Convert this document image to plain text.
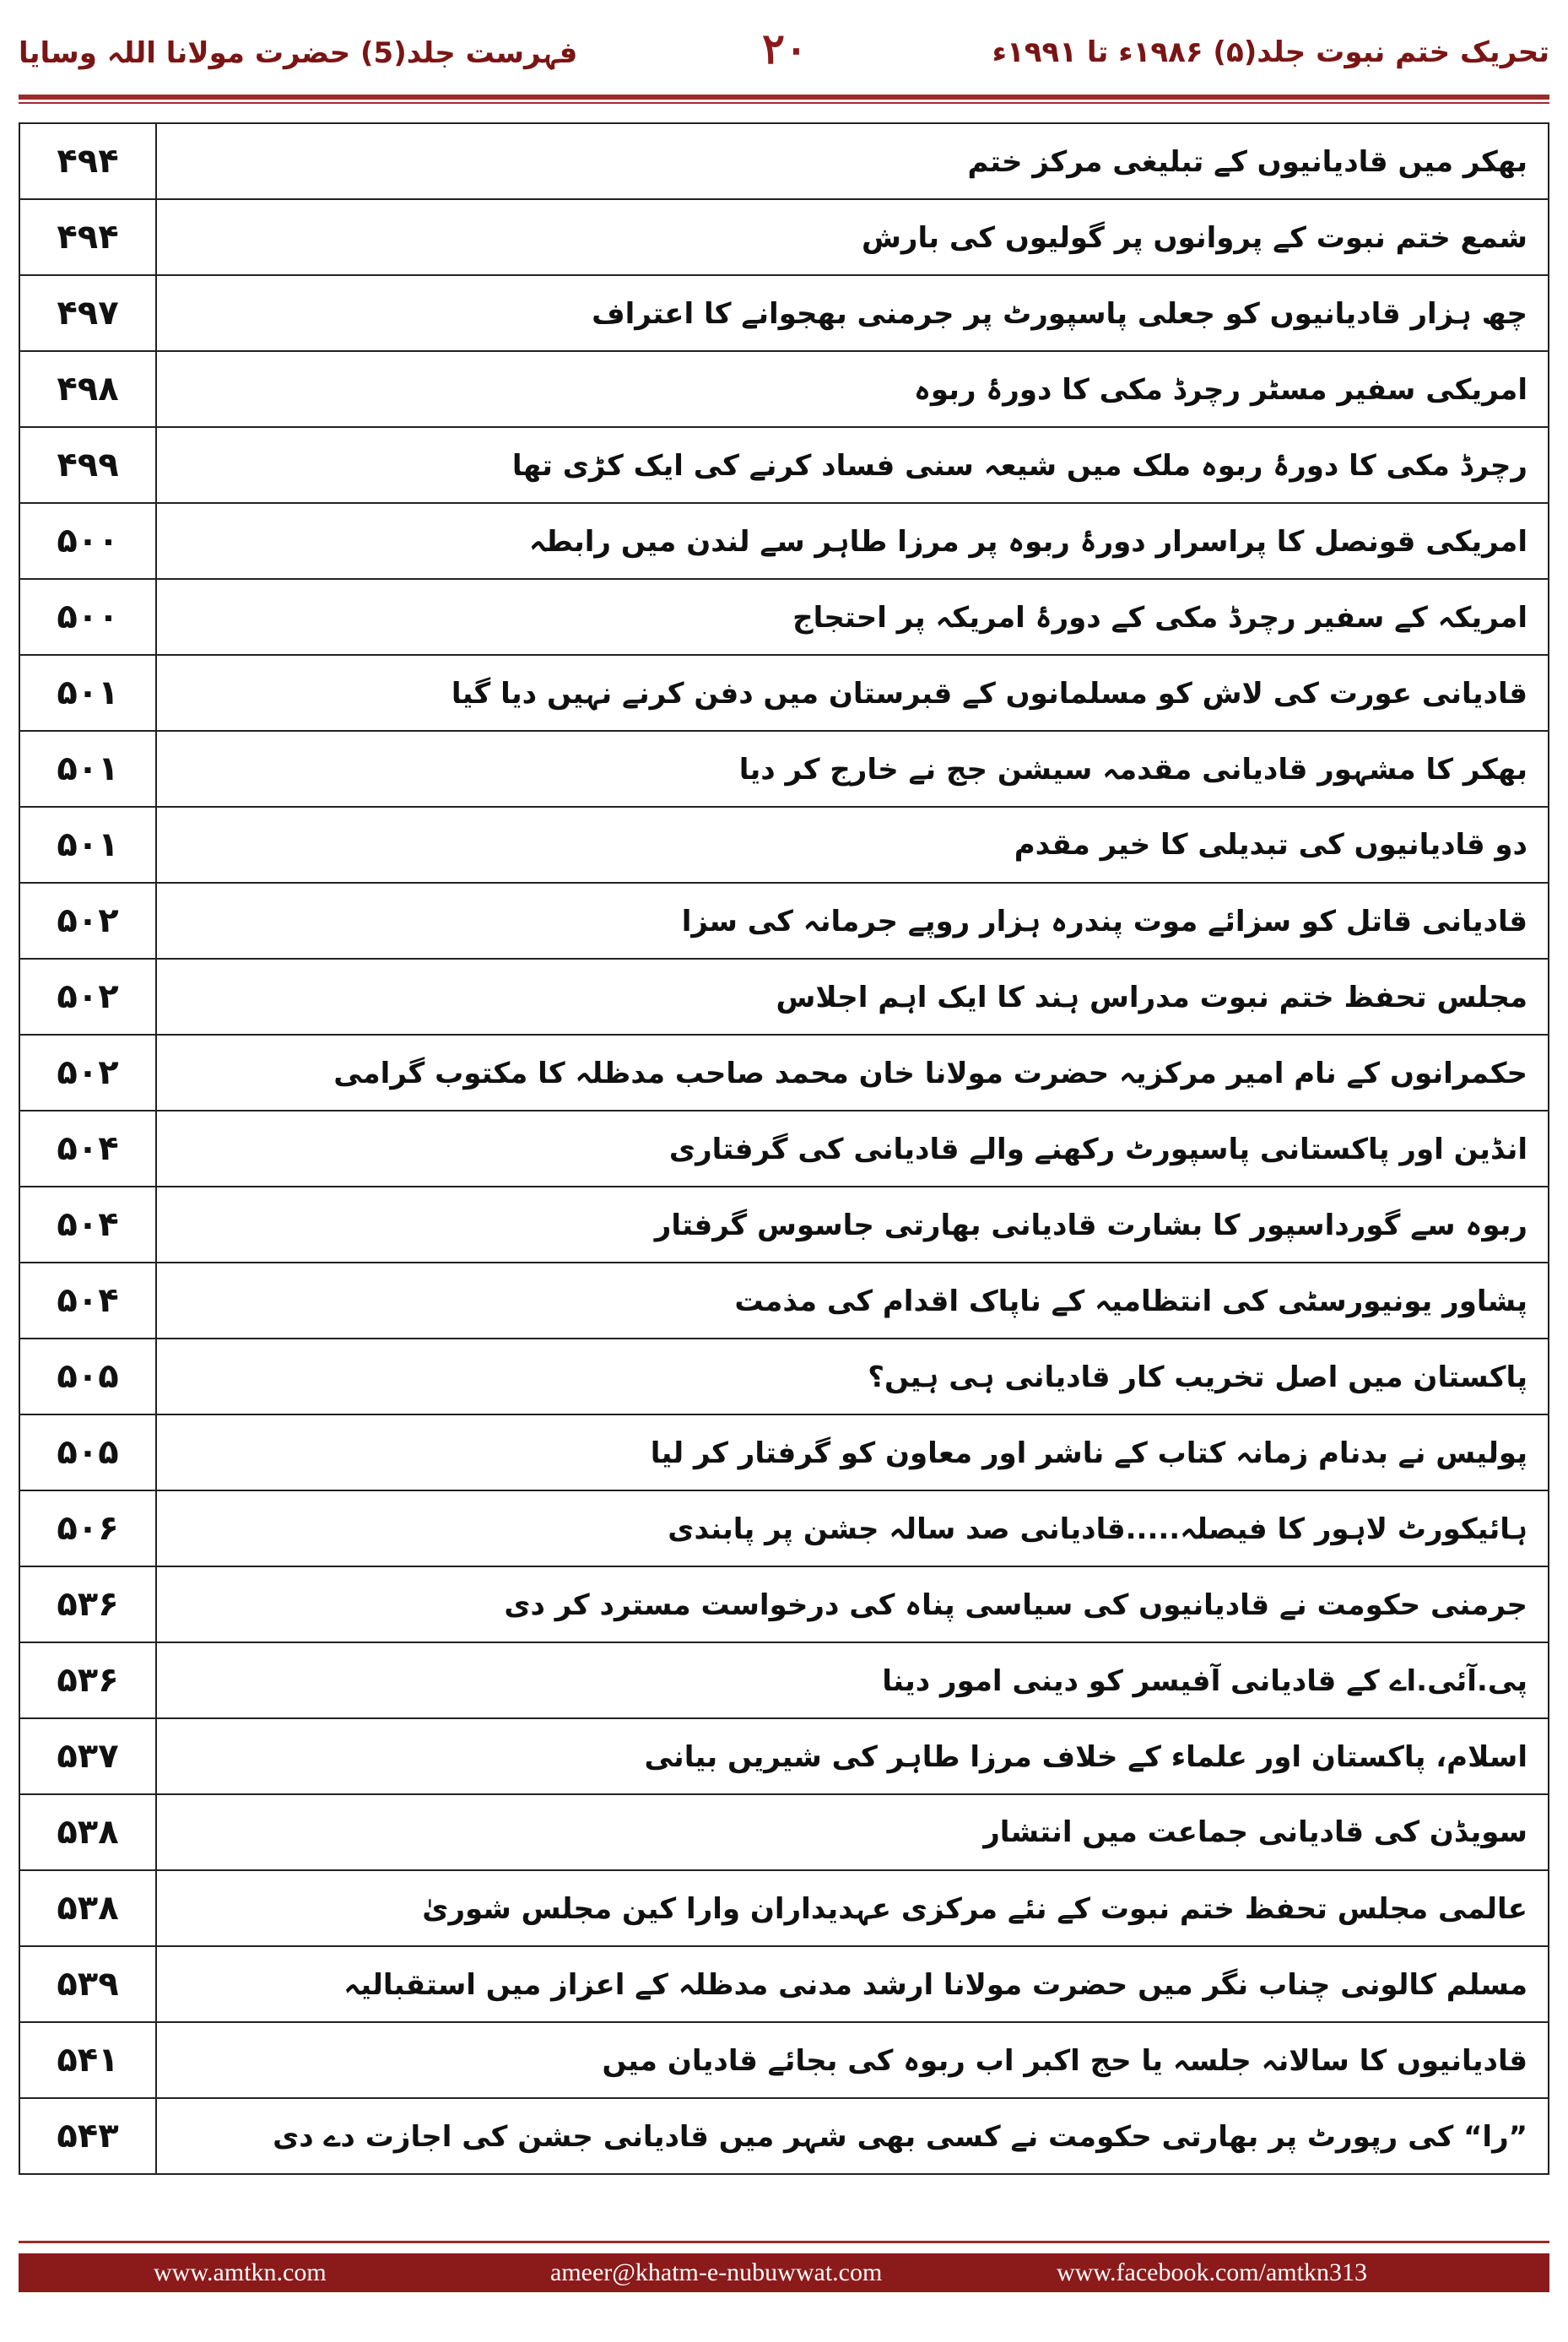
فہرست جلد(5) حضرت مولانا اللہ وسایا	۲۰	تحریک ختم نبوت جلد(۵) ۱۹۸۶ء تا ۱۹۹۱ء
۴۹۴	بھکر میں قادیانیوں کے تبلیغی مرکز ختم
۴۹۴	شمع ختم نبوت کے پروانوں پر گولیوں کی بارش
۴۹۷	چھ ہزار قادیانیوں کو جعلی پاسپورٹ پر جرمنی بھجوانے کا اعتراف
۴۹۸	امریکی سفیر مسٹر رچرڈ مکی کا دورۂ ربوہ
۴۹۹	رچرڈ مکی کا دورۂ ربوہ ملک میں شیعہ سنی فساد کرنے کی ایک کڑی تھا
۵۰۰	امریکی قونصل کا پراسرار دورۂ ربوہ پر مرزا طاہر سے لندن میں رابطہ
۵۰۰	امریکہ کے سفیر رچرڈ مکی کے دورۂ امریکہ پر احتجاج
۵۰۱	قادیانی عورت کی لاش کو مسلمانوں کے قبرستان میں دفن کرنے نہیں دیا گیا
۵۰۱	بھکر کا مشہور قادیانی مقدمہ سیشن جج نے خارج کر دیا
۵۰۱	دو قادیانیوں کی تبدیلی کا خیر مقدم
۵۰۲	قادیانی قاتل کو سزائے موت پندرہ ہزار روپے جرمانہ کی سزا
۵۰۲	مجلس تحفظ ختم نبوت مدراس ہند کا ایک اہم اجلاس
۵۰۲	حکمرانوں کے نام امیر مرکزیہ حضرت مولانا خان محمد صاحب مدظلہ کا مکتوب گرامی
۵۰۴	انڈین اور پاکستانی پاسپورٹ رکھنے والے قادیانی کی گرفتاری
۵۰۴	ربوہ سے گورداسپور کا بشارت قادیانی بھارتی جاسوس گرفتار
۵۰۴	پشاور یونیورسٹی کی انتظامیہ کے ناپاک اقدام کی مذمت
۵۰۵	پاکستان میں اصل تخریب کار قادیانی ہی ہیں؟
۵۰۵	پولیس نے بدنام زمانہ کتاب کے ناشر اور معاون کو گرفتار کر لیا
۵۰۶	ہائیکورٹ لاہور کا فیصلہ.....قادیانی صد سالہ جشن پر پابندی
۵۳۶	جرمنی حکومت نے قادیانیوں کی سیاسی پناہ کی درخواست مسترد کر دی
۵۳۶	پی.آئی.اے کے قادیانی آفیسر کو دینی امور دینا
۵۳۷	اسلام، پاکستان اور علماء کے خلاف مرزا طاہر کی شیریں بیانی
۵۳۸	سویڈن کی قادیانی جماعت میں انتشار
۵۳۸	عالمی مجلس تحفظ ختم نبوت کے نئے مرکزی عہدیداران وارا کین مجلس شوریٰ
۵۳۹	مسلم کالونی چناب نگر میں حضرت مولانا ارشد مدنی مدظلہ کے اعزاز میں استقبالیہ
۵۴۱	قادیانیوں کا سالانہ جلسہ یا حج اکبر اب ربوہ کی بجائے قادیان میں
۵۴۳	”را“ کی رپورٹ پر بھارتی حکومت نے کسی بھی شہر میں قادیانی جشن کی اجازت دے دی
www.amtkn.com	ameer@khatm-e-nubuwwat.com	www.facebook.com/amtkn313
